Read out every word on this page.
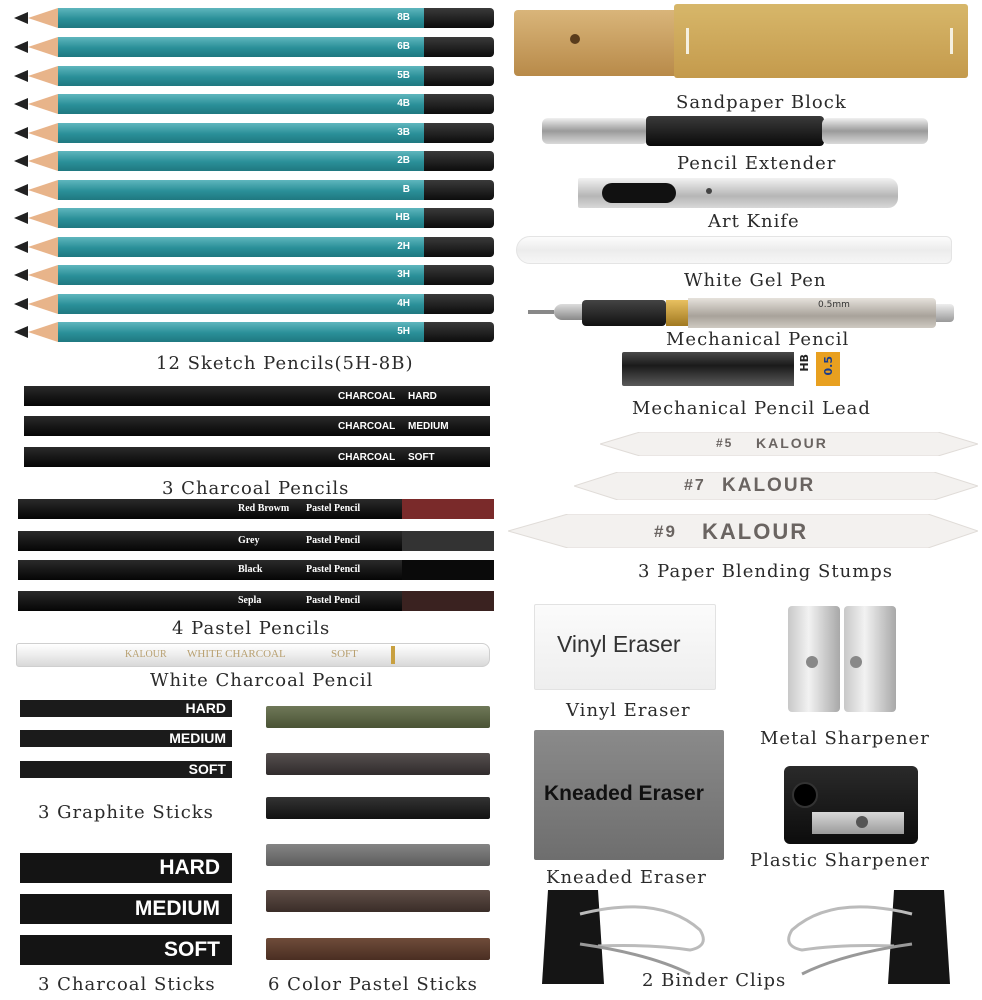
8B
6B
5B
4B
3B
2B
B
HB
2H
3H
4H
5H
12 Sketch Pencils(5H-8B)
CHARCOAL HARD
CHARCOAL MEDIUM
CHARCOAL SOFT
3 Charcoal Pencils
Red Browm Pastel Pencil
Grey	Pastel Pencil
Black	Pastel Pencil
Sepla	Pastel Pencil
4 Pastel Pencils
KALOUR WHITE CHARCOAL	SOFT
White Charcoal Pencil
HARD
MEDIUM
SOFT
3 Graphite Sticks
HARD
MEDIUM
SOFT
3 Charcoal Sticks	6 Color Pastel Sticks
Sandpaper Block
Pencil Extender
Art Knife
White Gel Pen
0.5mm
Mechanical Pencil
HB 0.5
Mechanical Pencil Lead
#5 KALOUR
#7 KALOUR
#9 KALOUR
3 Paper Blending Stumps
Vinyl Eraser
Vinyl Eraser
Metal Sharpener
Kneaded Eraser
Kneaded Eraser
Plastic Sharpener
2 Binder Clips
